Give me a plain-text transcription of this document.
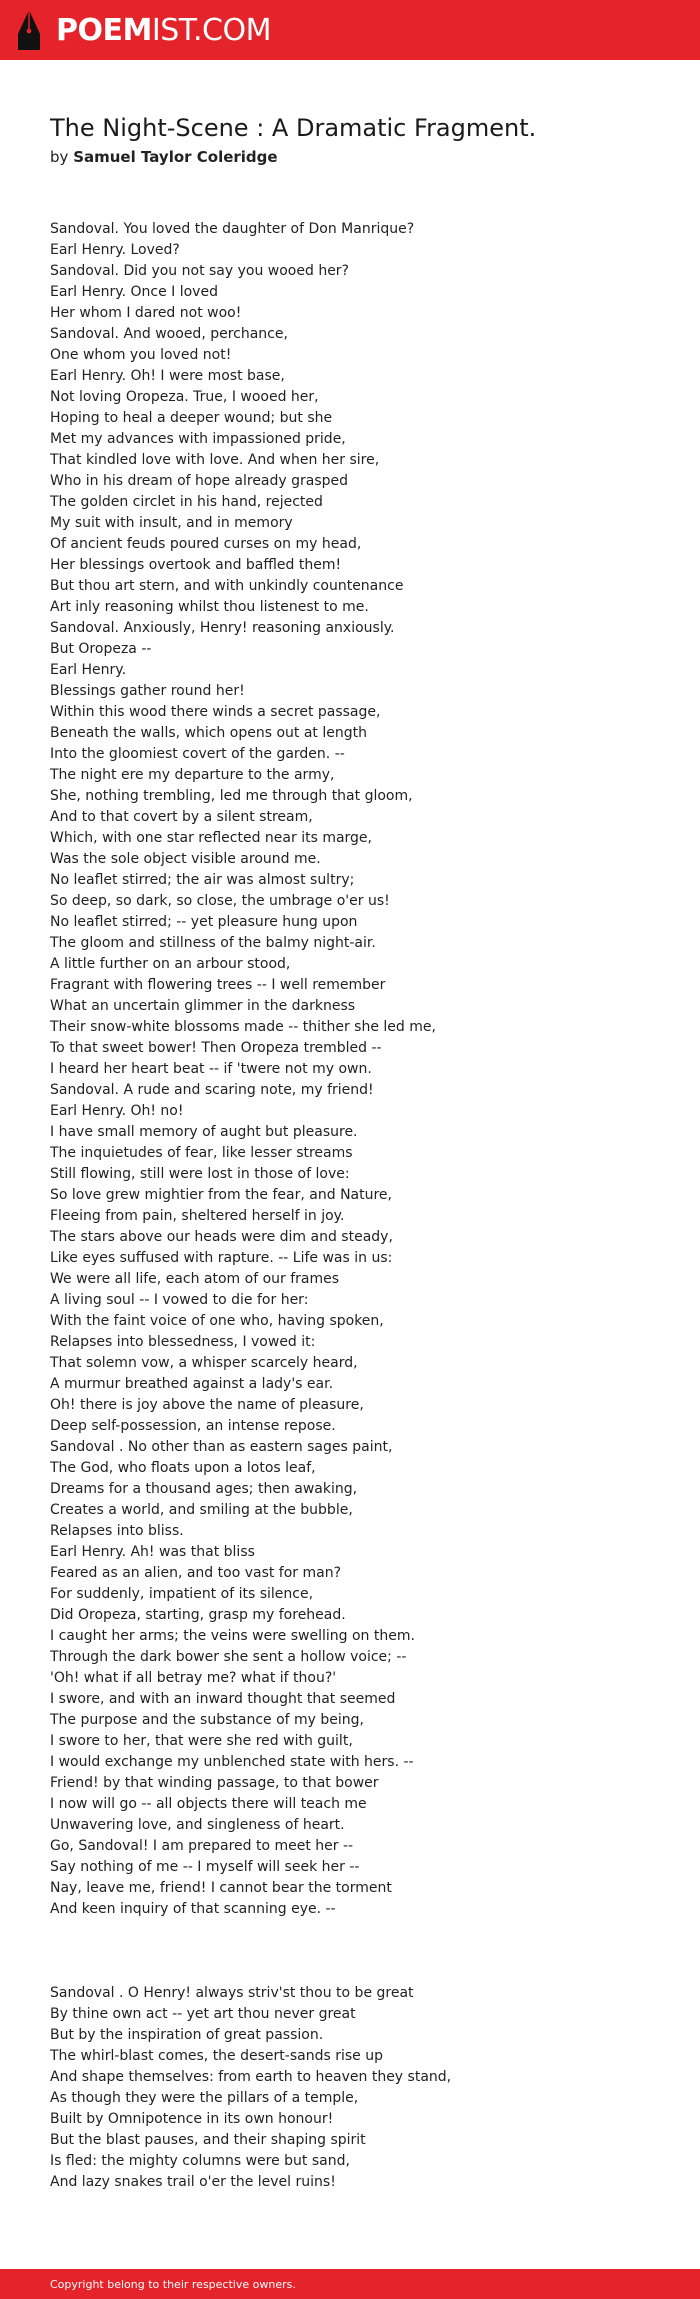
POEMIST.COM
The Night-Scene : A Dramatic Fragment.
by Samuel Taylor Coleridge
Sandoval. You loved the daughter of Don Manrique?
Earl Henry. Loved?
Sandoval. Did you not say you wooed her?
Earl Henry. Once I loved
Her whom I dared not woo!
Sandoval. And wooed, perchance,
One whom you loved not!
Earl Henry. Oh! I were most base,
Not loving Oropeza. True, I wooed her,
Hoping to heal a deeper wound; but she
Met my advances with impassioned pride,
That kindled love with love. And when her sire,
Who in his dream of hope already grasped
The golden circlet in his hand, rejected
My suit with insult, and in memory
Of ancient feuds poured curses on my head,
Her blessings overtook and baffled them!
But thou art stern, and with unkindly countenance
Art inly reasoning whilst thou listenest to me.
Sandoval. Anxiously, Henry! reasoning anxiously.
But Oropeza --
Earl Henry.
Blessings gather round her!
Within this wood there winds a secret passage,
Beneath the walls, which opens out at length
Into the gloomiest covert of the garden. --
The night ere my departure to the army,
She, nothing trembling, led me through that gloom,
And to that covert by a silent stream,
Which, with one star reflected near its marge,
Was the sole object visible around me.
No leaflet stirred; the air was almost sultry;
So deep, so dark, so close, the umbrage o'er us!
No leaflet stirred; -- yet pleasure hung upon
The gloom and stillness of the balmy night-air.
A little further on an arbour stood,
Fragrant with flowering trees -- I well remember
What an uncertain glimmer in the darkness
Their snow-white blossoms made -- thither she led me,
To that sweet bower! Then Oropeza trembled --
I heard her heart beat -- if 'twere not my own.
Sandoval. A rude and scaring note, my friend!
Earl Henry. Oh! no!
I have small memory of aught but pleasure.
The inquietudes of fear, like lesser streams
Still flowing, still were lost in those of love:
So love grew mightier from the fear, and Nature,
Fleeing from pain, sheltered herself in joy.
The stars above our heads were dim and steady,
Like eyes suffused with rapture. -- Life was in us:
We were all life, each atom of our frames
A living soul -- I vowed to die for her:
With the faint voice of one who, having spoken,
Relapses into blessedness, I vowed it:
That solemn vow, a whisper scarcely heard,
A murmur breathed against a lady's ear.
Oh! there is joy above the name of pleasure,
Deep self-possession, an intense repose.
Sandoval . No other than as eastern sages paint,
The God, who floats upon a lotos leaf,
Dreams for a thousand ages; then awaking,
Creates a world, and smiling at the bubble,
Relapses into bliss.
Earl Henry. Ah! was that bliss
Feared as an alien, and too vast for man?
For suddenly, impatient of its silence,
Did Oropeza, starting, grasp my forehead.
I caught her arms; the veins were swelling on them.
Through the dark bower she sent a hollow voice; --
'Oh! what if all betray me? what if thou?'
I swore, and with an inward thought that seemed
The purpose and the substance of my being,
I swore to her, that were she red with guilt,
I would exchange my unblenched state with hers. --
Friend! by that winding passage, to that bower
I now will go -- all objects there will teach me
Unwavering love, and singleness of heart.
Go, Sandoval! I am prepared to meet her --
Say nothing of me -- I myself will seek her --
Nay, leave me, friend! I cannot bear the torment
And keen inquiry of that scanning eye. --
Sandoval . O Henry! always striv'st thou to be great
By thine own act -- yet art thou never great
But by the inspiration of great passion.
The whirl-blast comes, the desert-sands rise up
And shape themselves: from earth to heaven they stand,
As though they were the pillars of a temple,
Built by Omnipotence in its own honour!
But the blast pauses, and their shaping spirit
Is fled: the mighty columns were but sand,
And lazy snakes trail o'er the level ruins!
Copyright belong to their respective owners.
